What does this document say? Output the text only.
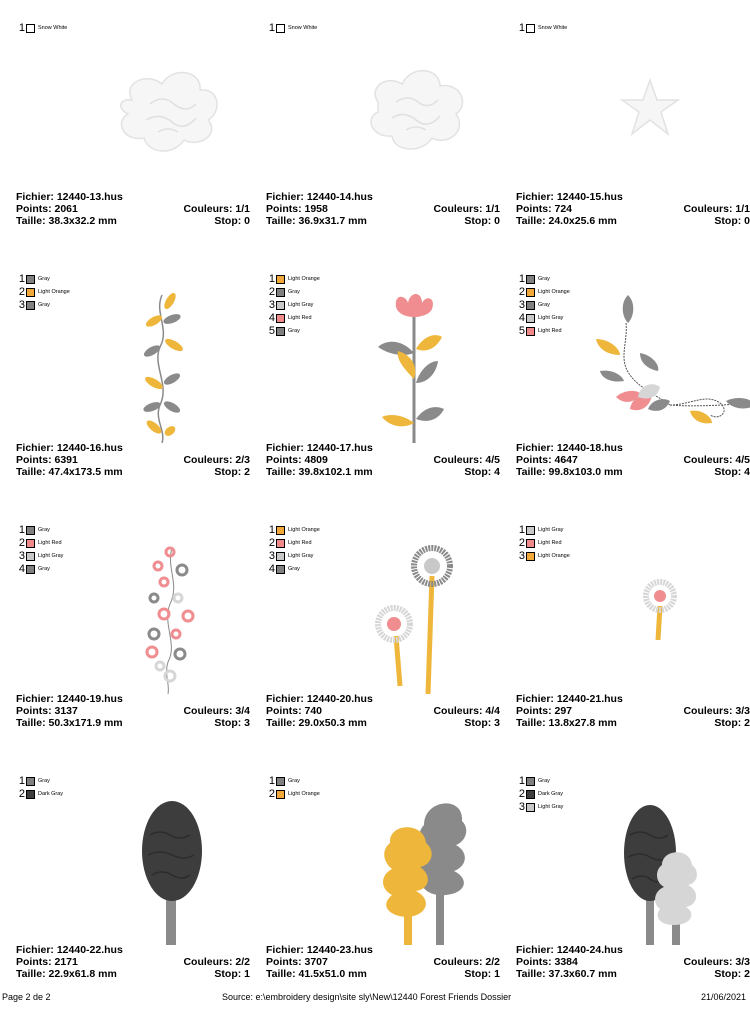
1 Snow White
Fichier: 12440-13.hus
Points: 2061	Couleurs: 1/1
Taille: 38.3x32.2 mm	Stop: 0
1 Snow White
Fichier: 12440-14.hus
Points: 1958	Couleurs: 1/1
Taille: 36.9x31.7 mm	Stop: 0
1 Snow White
Fichier: 12440-15.hus
Points: 724	Couleurs: 1/1
Taille: 24.0x25.6 mm	Stop: 0
1 Gray
2 Light Orange
3 Gray
Fichier: 12440-16.hus
Points: 6391	Couleurs: 2/3
Taille: 47.4x173.5 mm	Stop: 2
1 Light Orange
2 Gray
3 Light Gray
4 Light Red
5 Gray
Fichier: 12440-17.hus
Points: 4809	Couleurs: 4/5
Taille: 39.8x102.1 mm	Stop: 4
1 Gray
2 Light Orange
3 Gray
4 Light Gray
5 Light Red
Fichier: 12440-18.hus
Points: 4647	Couleurs: 4/5
Taille: 99.8x103.0 mm	Stop: 4
1 Gray
2 Light Red
3 Light Gray
4 Gray
Fichier: 12440-19.hus
Points: 3137	Couleurs: 3/4
Taille: 50.3x171.9 mm	Stop: 3
1 Light Orange
2 Light Red
3 Light Gray
4 Gray
Fichier: 12440-20.hus
Points: 740	Couleurs: 4/4
Taille: 29.0x50.3 mm	Stop: 3
1 Light Gray
2 Light Red
3 Light Orange
Fichier: 12440-21.hus
Points: 297	Couleurs: 3/3
Taille: 13.8x27.8 mm	Stop: 2
1 Gray
2 Dark Gray
Fichier: 12440-22.hus
Points: 2171	Couleurs: 2/2
Taille: 22.9x61.8 mm	Stop: 1
1 Gray
2 Light Orange
Fichier: 12440-23.hus
Points: 3707	Couleurs: 2/2
Taille: 41.5x51.0 mm	Stop: 1
1 Gray
2 Dark Gray
3 Light Gray
Fichier: 12440-24.hus
Points: 3384	Couleurs: 3/3
Taille: 37.3x60.7 mm	Stop: 2
Page 2 de 2	Source: e:\embroidery design\site sly\New\12440 Forest Friends Dossier	21/06/2021
